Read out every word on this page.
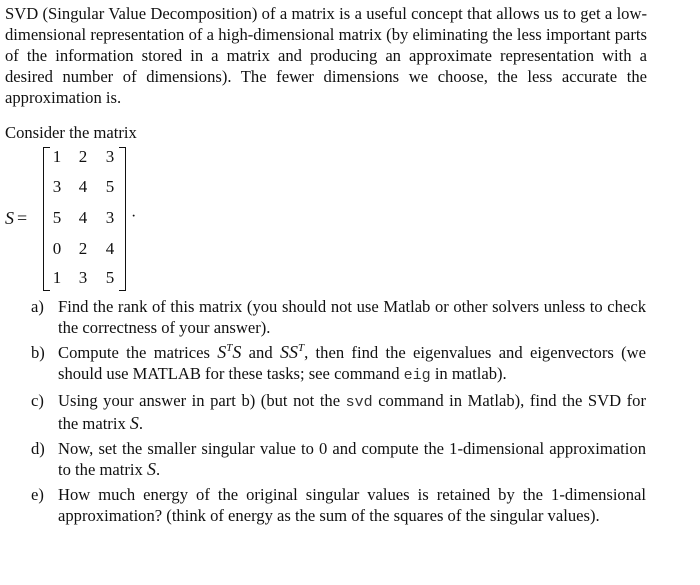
SVD (Singular Value Decomposition) of a matrix is a useful concept that allows us to get a low-dimensional representation of a high-dimensional matrix (by eliminating the less important parts of the information stored in a matrix and producing an approximate representation with a desired number of dimensions). The fewer dimensions we choose, the less accurate the approximation is.

Consider the matrix

S =
1 2 3
3 4 5
5 4 3
0 2 4
1 3 5
·
a) Find the rank of this matrix (you should not use Matlab or other solvers unless to check the correctness of your answer).
b) Compute the matrices $S^TS$ and $SS^T$, then find the eigenvalues and eigenvectors (we should use MATLAB for these tasks; see command eig in matlab).
c) Using your answer in part b) (but not the svd command in Matlab), find the SVD for the matrix S.
d) Now, set the smaller singular value to 0 and compute the 1-dimensional approximation to the matrix S.
e) How much energy of the original singular values is retained by the 1-dimensional approximation? (think of energy as the sum of the squares of the singular values).
